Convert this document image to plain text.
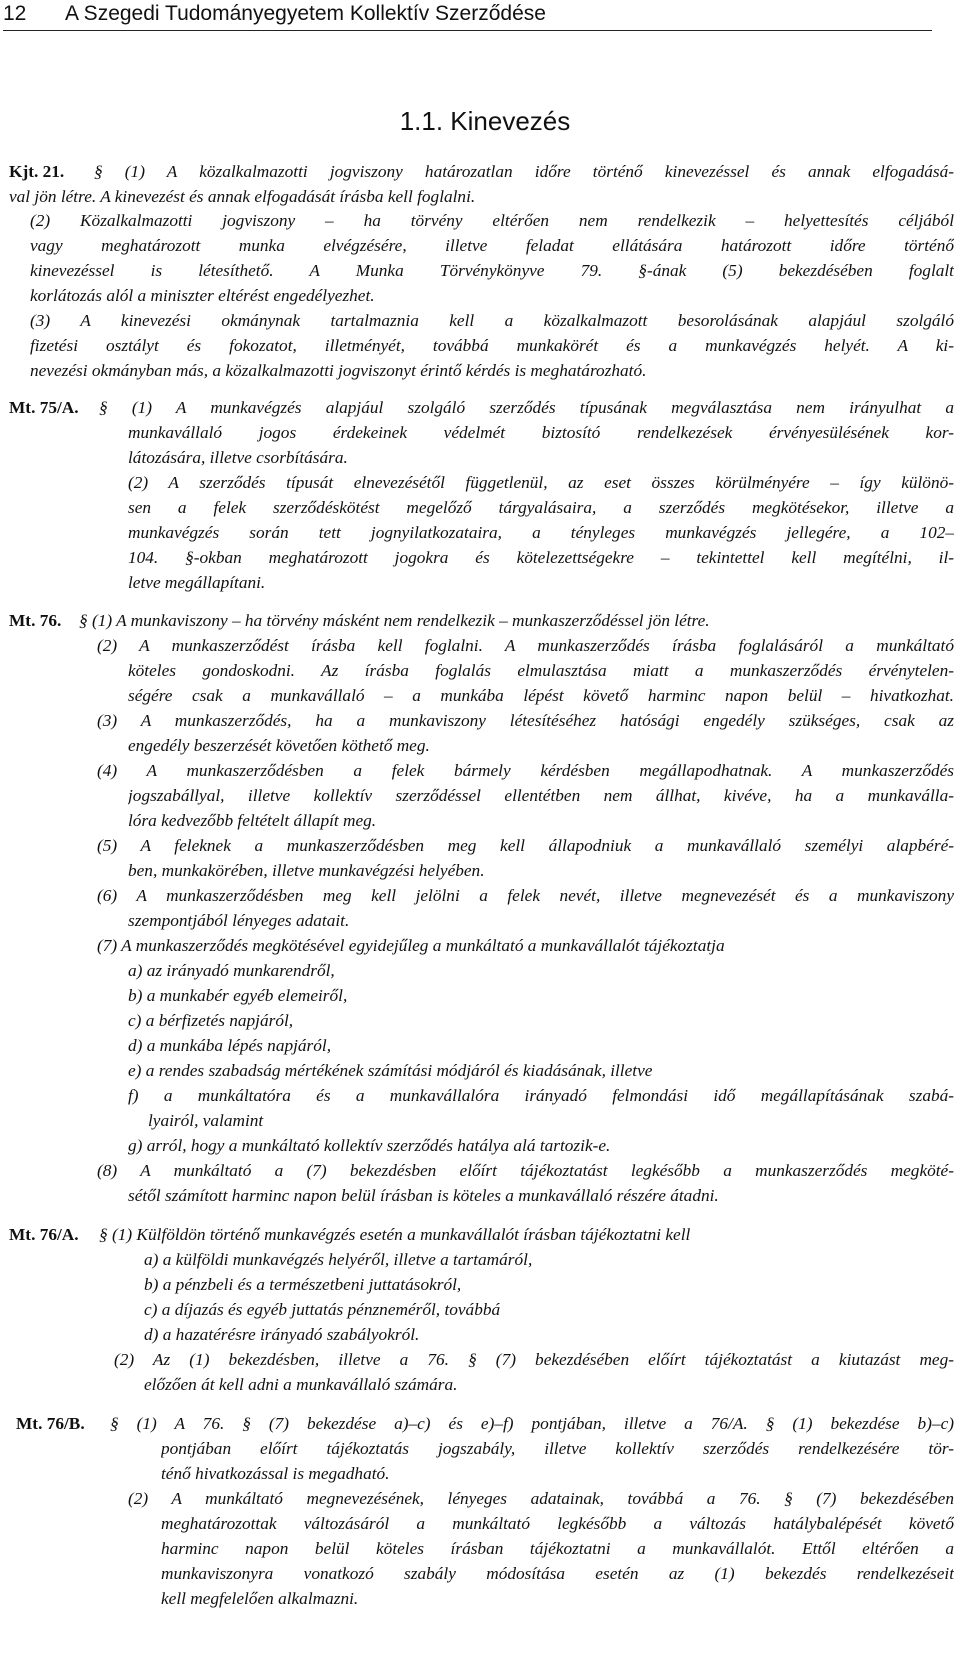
12 A Szegedi Tudományegyetem Kollektív Szerződése
1.1. Kinevezés
Kjt. 21. § (1) A közalkalmazotti jogviszony határozatlan időre történő kinevezéssel és annak elfogadásá-
val jön létre. A kinevezést és annak elfogadását írásba kell foglalni.
(2) Közalkalmazotti jogviszony – ha törvény eltérően nem rendelkezik – helyettesítés céljából
vagy meghatározott munka elvégzésére, illetve feladat ellátására határozott időre történő
kinevezéssel is létesíthető. A Munka Törvénykönyve 79. §-ának (5) bekezdésében foglalt
korlátozás alól a miniszter eltérést engedélyezhet.
(3) A kinevezési okmánynak tartalmaznia kell a közalkalmazott besorolásának alapjául szolgáló
fizetési osztályt és fokozatot, illetményét, továbbá munkakörét és a munkavégzés helyét. A ki-
nevezési okmányban más, a közalkalmazotti jogviszonyt érintő kérdés is meghatározható.
Mt. 75/A. § (1) A munkavégzés alapjául szolgáló szerződés típusának megválasztása nem irányulhat a
munkavállaló jogos érdekeinek védelmét biztosító rendelkezések érvényesülésének kor-
látozására, illetve csorbítására.
(2) A szerződés típusát elnevezésétől függetlenül, az eset összes körülményére – így különö-
sen a felek szerződéskötést megelőző tárgyalásaira, a szerződés megkötésekor, illetve a
munkavégzés során tett jognyilatkozataira, a tényleges munkavégzés jellegére, a 102–
104. §-okban meghatározott jogokra és kötelezettségekre – tekintettel kell megítélni, il-
letve megállapítani.
Mt. 76. § (1) A munkaviszony – ha törvény másként nem rendelkezik – munkaszerződéssel jön létre.
(2) A munkaszerződést írásba kell foglalni. A munkaszerződés írásba foglalásáról a munkáltató
köteles gondoskodni. Az írásba foglalás elmulasztása miatt a munkaszerződés érvénytelen-
ségére csak a munkavállaló – a munkába lépést követő harminc napon belül – hivatkozhat.
(3) A munkaszerződés, ha a munkaviszony létesítéséhez hatósági engedély szükséges, csak az
engedély beszerzését követően köthető meg.
(4) A munkaszerződésben a felek bármely kérdésben megállapodhatnak. A munkaszerződés
jogszabállyal, illetve kollektív szerződéssel ellentétben nem állhat, kivéve, ha a munkavállа-
lóra kedvezőbb feltételt állapít meg.
(5) A feleknek a munkaszerződésben meg kell állapodniuk a munkavállaló személyi alapbéré-
ben, munkakörében, illetve munkavégzési helyében.
(6) A munkaszerződésben meg kell jelölni a felek nevét, illetve megnevezését és a munkaviszony
szempontjából lényeges adatait.
(7) A munkaszerződés megkötésével egyidejűleg a munkáltató a munkavállalót tájékoztatja
a) az irányadó munkarendről,
b) a munkabér egyéb elemeiről,
c) a bérfizetés napjáról,
d) a munkába lépés napjáról,
e) a rendes szabadság mértékének számítási módjáról és kiadásának, illetve
f) a munkáltatóra és a munkavállalóra irányadó felmondási idő megállapításának szabá-
lyairól, valamint
g) arról, hogy a munkáltató kollektív szerződés hatálya alá tartozik-e.
(8) A munkáltató a (7) bekezdésben előírt tájékoztatást legkésőbb a munkaszerződés megköté-
sétől számított harminc napon belül írásban is köteles a munkavállaló részére átadni.
Mt. 76/A. § (1) Külföldön történő munkavégzés esetén a munkavállalót írásban tájékoztatni kell
a) a külföldi munkavégzés helyéről, illetve a tartamáról,
b) a pénzbeli és a természetbeni juttatásokról,
c) a díjazás és egyéb juttatás pénznеméről, továbbá
d) a hazatérésre irányadó szabályokról.
(2) Az (1) bekezdésben, illetve a 76. § (7) bekezdésében előírt tájékoztatást a kiutazást meg-
előzően át kell adni a munkavállaló számára.
Mt. 76/B. § (1) A 76. § (7) bekezdése a)–c) és e)–f) pontjában, illetve a 76/A. § (1) bekezdése b)–c)
pontjában előírt tájékoztatás jogszabály, illetve kollektív szerződés rendelkezésére tör-
ténő hivatkozással is megadható.
(2) A munkáltató megnevezésének, lényeges adatainak, továbbá a 76. § (7) bekezdésében
meghatározottak változásáról a munkáltató legkésőbb a változás hatálybalépését követő
harminc napon belül köteles írásban tájékoztatni a munkavállalót. Ettől eltérően a
munkaviszonyra vonatkozó szabály módosítása esetén az (1) bekezdés rendelkezéseit
kell megfelelően alkalmazni.
